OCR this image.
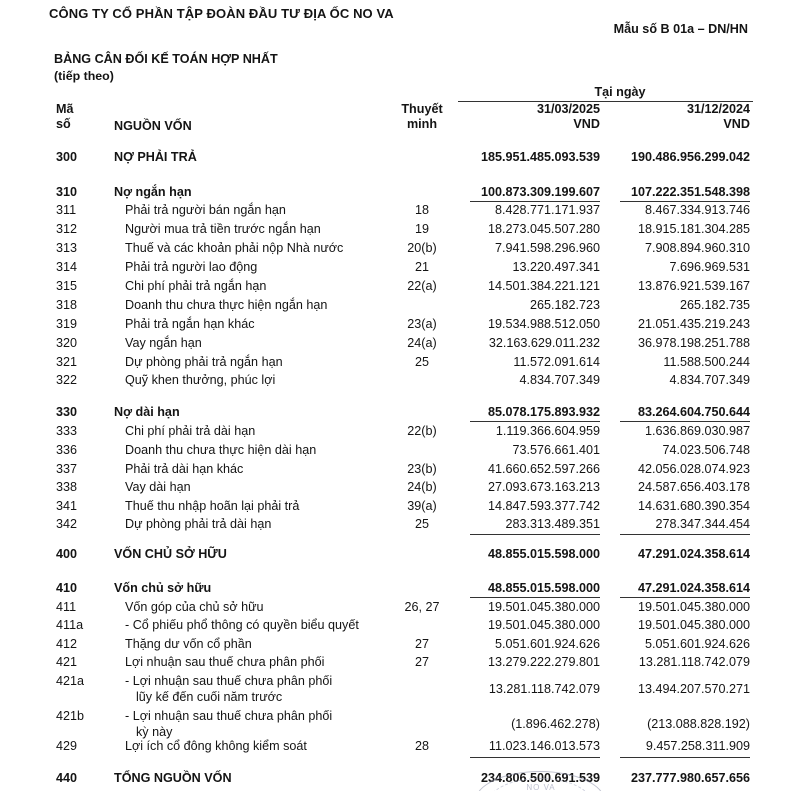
CÔNG TY CỔ PHẦN TẬP ĐOÀN ĐẦU TƯ ĐỊA ỐC NO VA
Mẫu số B 01a – DN/HN
BẢNG CÂN ĐỐI KẾ TOÁN HỢP NHẤT
(tiếp theo)
Tại ngày
Mã
số	NGUỒN VỐN
Thuyết
minh
31/03/2025
VND
31/12/2024
VND
300	NỢ PHẢI TRẢ	185.951.485.093.539	190.486.956.299.042
310	Nợ ngắn hạn	100.873.309.199.607	107.222.351.548.398
311	Phải trả người bán ngắn hạn	18	8.428.771.171.937	8.467.334.913.746
312	Người mua trả tiền trước ngắn hạn	19	18.273.045.507.280	18.915.181.304.285
313	Thuế và các khoản phải nộp Nhà nước	20(b)	7.941.598.296.960	7.908.894.960.310
314	Phải trả người lao động	21	13.220.497.341	7.696.969.531
315	Chi phí phải trả ngắn hạn	22(a)	14.501.384.221.121	13.876.921.539.167
318	Doanh thu chưa thực hiện ngắn hạn	265.182.723	265.182.735
319	Phải trả ngắn hạn khác	23(a)	19.534.988.512.050	21.051.435.219.243
320	Vay ngắn hạn	24(a)	32.163.629.011.232	36.978.198.251.788
321	Dự phòng phải trả ngắn hạn	25	11.572.091.614	11.588.500.244
322	Quỹ khen thưởng, phúc lợi	4.834.707.349	4.834.707.349
330	Nợ dài hạn	85.078.175.893.932	83.264.604.750.644
333	Chi phí phải trả dài hạn	22(b)	1.119.366.604.959	1.636.869.030.987
336	Doanh thu chưa thực hiện dài hạn	73.576.661.401	74.023.506.748
337	Phải trả dài hạn khác	23(b)	41.660.652.597.266	42.056.028.074.923
338	Vay dài hạn	24(b)	27.093.673.163.213	24.587.656.403.178
341	Thuế thu nhập hoãn lại phải trả	39(a)	14.847.593.377.742	14.631.680.390.354
342	Dự phòng phải trả dài hạn	25	283.313.489.351	278.347.344.454
400	VỐN CHỦ SỞ HỮU	48.855.015.598.000	47.291.024.358.614
410	Vốn chủ sở hữu	48.855.015.598.000	47.291.024.358.614
411	Vốn góp của chủ sở hữu	26, 27	19.501.045.380.000	19.501.045.380.000
411a	- Cổ phiếu phổ thông có quyền biểu quyết	19.501.045.380.000	19.501.045.380.000
412	Thặng dư vốn cổ phần	27	5.051.601.924.626	5.051.601.924.626
421	Lợi nhuận sau thuế chưa phân phối	27	13.279.222.279.801	13.281.118.742.079
421a	- Lợi nhuận sau thuế chưa phân phối
lũy kế đến cuối năm trước
13.281.118.742.079	13.494.207.570.271
421b	- Lợi nhuận sau thuế chưa phân phối
kỳ này
(1.896.462.278)	(213.088.828.192)
429	Lợi ích cổ đông không kiểm soát	28	11.023.146.013.573	9.457.258.311.909
440	TỔNG NGUỒN VỐN	234.806.500.691.539	237.777.980.657.656
NO VA
